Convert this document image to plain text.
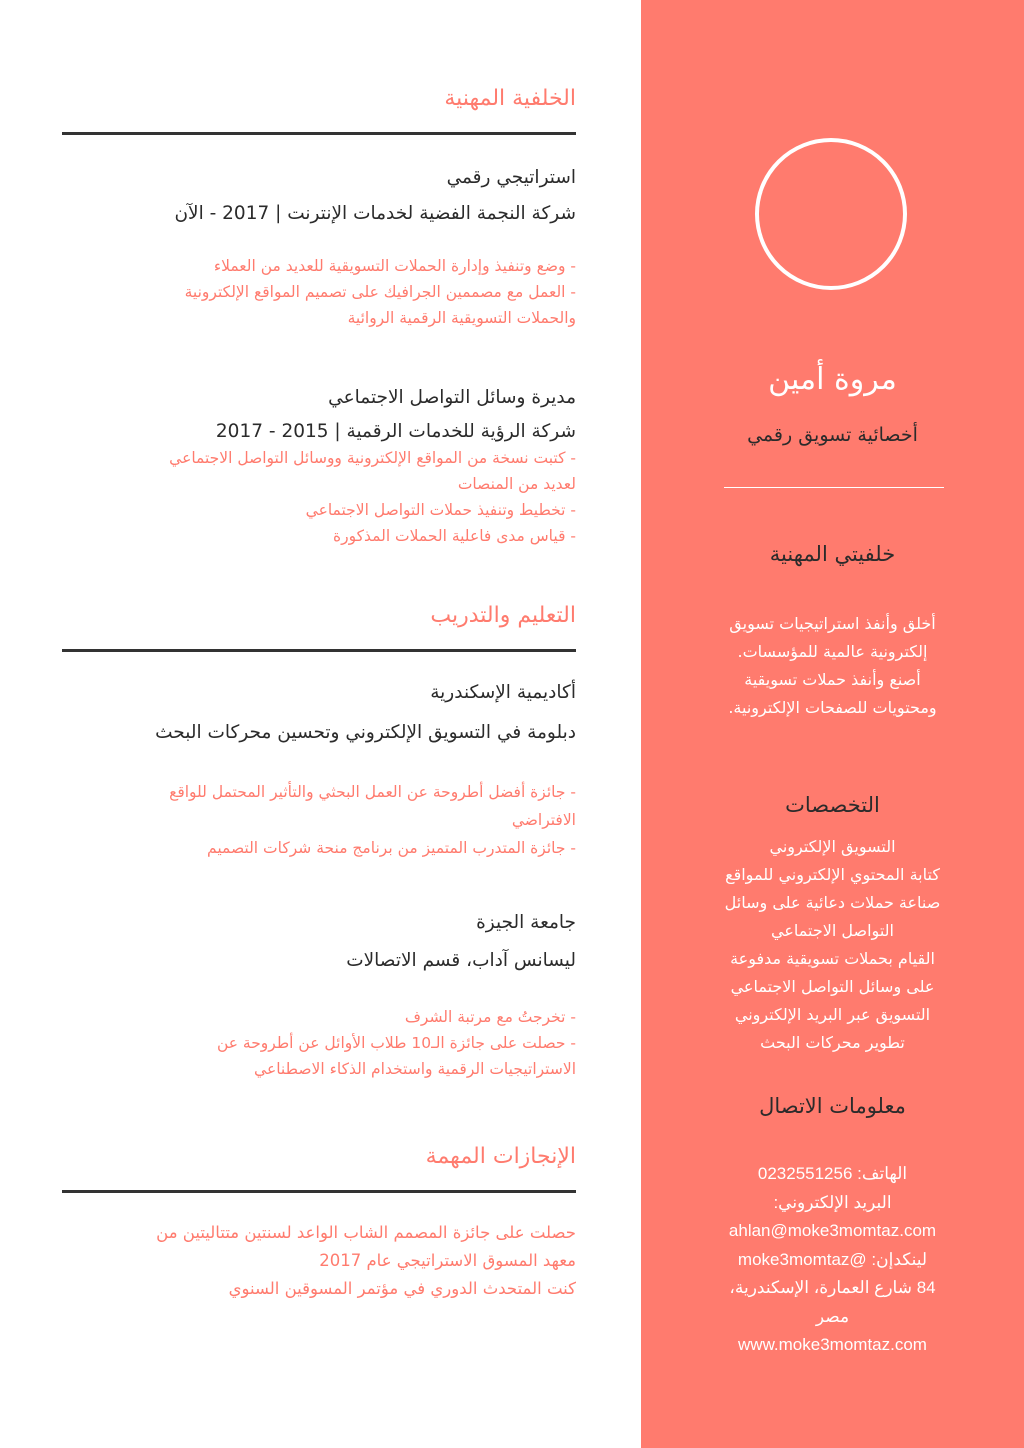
الخلفية المهنية
استراتيجي رقمي
شركة النجمة الفضية لخدمات الإنترنت | 2017 - الآن
- وضع وتنفيذ وإدارة الحملات التسويقية للعديد من العملاء
- العمل مع مصممين الجرافيك على تصميم المواقع الإلكترونية
والحملات التسويقية الرقمية الروائية
مديرة وسائل التواصل الاجتماعي
شركة الرؤية للخدمات الرقمية | 2015 - 2017
- كتبت نسخة من المواقع الإلكترونية ووسائل التواصل الاجتماعي
لعديد من المنصات
- تخطيط وتنفيذ حملات التواصل الاجتماعي
- قياس مدى فاعلية الحملات المذكورة
التعليم والتدريب
أكاديمية الإسكندرية
دبلومة في التسويق الإلكتروني وتحسين محركات البحث
- جائزة أفضل أطروحة عن العمل البحثي والتأثير المحتمل للواقع
الافتراضي
- جائزة المتدرب المتميز من برنامج منحة شركات التصميم
جامعة الجيزة
ليسانس آداب، قسم الاتصالات
- تخرجتُ مع مرتبة الشرف
- حصلت على جائزة الـ10 طلاب الأوائل عن أطروحة عن
الاستراتيجيات الرقمية واستخدام الذكاء الاصطناعي
الإنجازات المهمة
حصلت على جائزة المصمم الشاب الواعد لسنتين متتاليتين من
معهد المسوق الاستراتيجي عام 2017
كنت المتحدث الدوري في مؤتمر المسوقين السنوي
مروة أمين
أخصائية تسويق رقمي
خلفيتي المهنية
أخلق وأنفذ استراتيجيات تسويق
إلكترونية عالمية للمؤسسات.
أصنع وأنفذ حملات تسويقية
ومحتويات للصفحات الإلكترونية.
التخصصات
التسويق الإلكتروني
كتابة المحتوي الإلكتروني للمواقع
صناعة حملات دعائية على وسائل
التواصل الاجتماعي
القيام بحملات تسويقية مدفوعة
على وسائل التواصل الاجتماعي
التسويق عبر البريد الإلكتروني
تطوير محركات البحث
معلومات الاتصال
الهاتف: 0232551256
البريد الإلكتروني:
ahlan@moke3momtaz.com
لينكدإن: @moke3momtaz
84 شارع العمارة، الإسكندرية،
مصر
www.moke3momtaz.com
